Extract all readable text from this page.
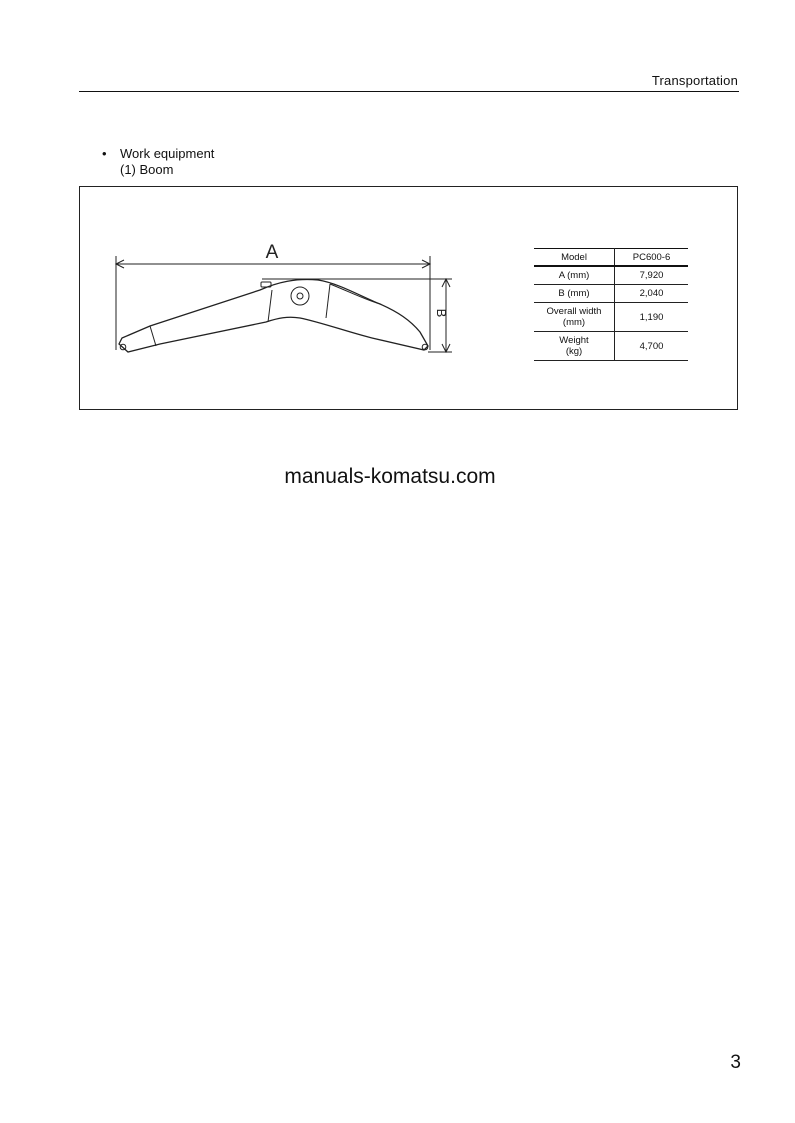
Transportation
• Work equipment
(1) Boom
A
B
Model	PC600-6
A (mm)	7,920
B (mm)	2,040
Overall width
(mm)	1,190
Weight
(kg)	4,700
manuals-komatsu.com
3
